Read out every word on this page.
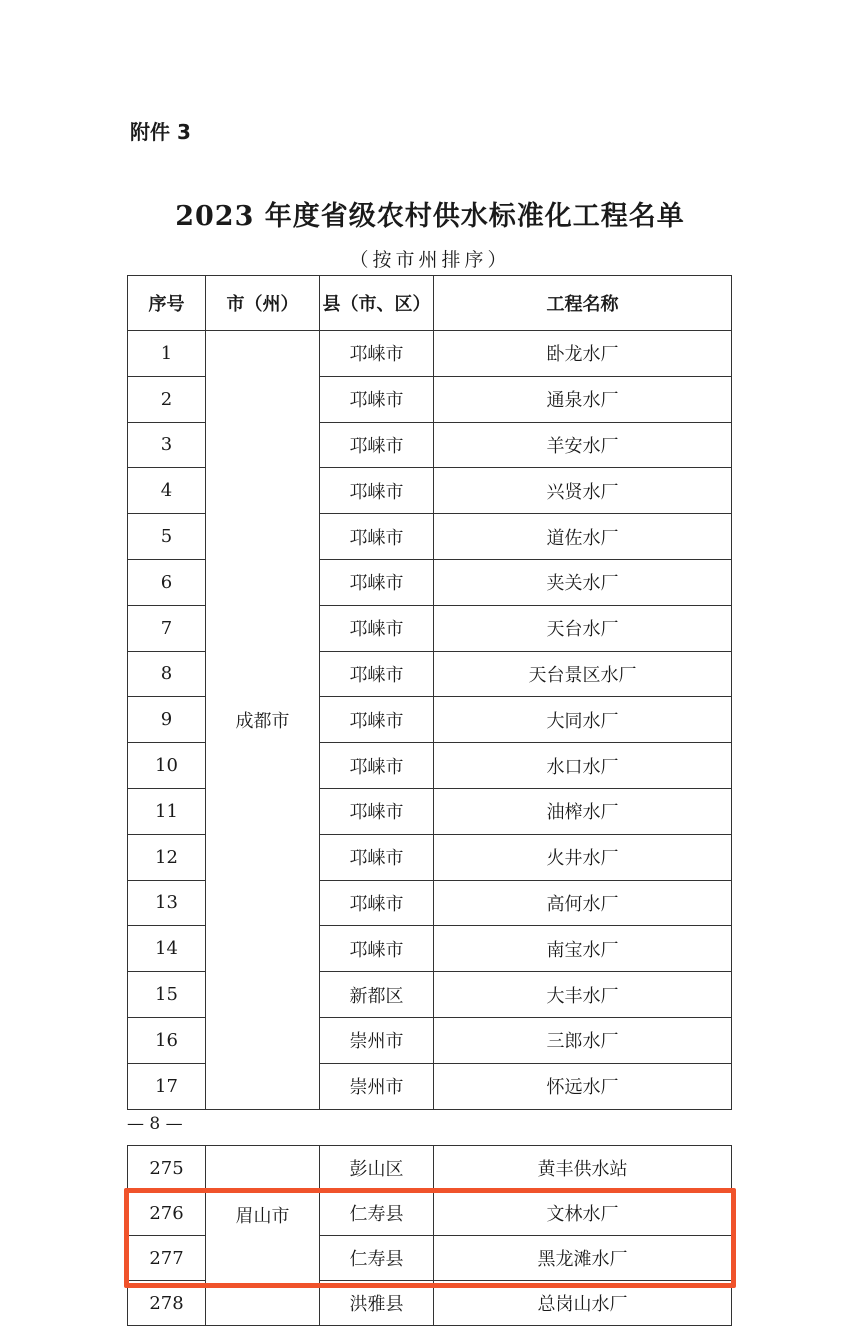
附件 3
2023 年度省级农村供水标准化工程名单
（按市州排序）
序号	市（州）	县（市、区）	工程名称
1	成都市	邛崃市	卧龙水厂
2		邛崃市	通泉水厂
3		邛崃市	羊安水厂
4		邛崃市	兴贤水厂
5		邛崃市	道佐水厂
6		邛崃市	夹关水厂
7		邛崃市	天台水厂
8		邛崃市	天台景区水厂
9		邛崃市	大同水厂
10		邛崃市	水口水厂
11		邛崃市	油榨水厂
12		邛崃市	火井水厂
13		邛崃市	高何水厂
14		邛崃市	南宝水厂
15		新都区	大丰水厂
16		崇州市	三郎水厂
17		崇州市	怀远水厂
— 8 —
275	眉山市	彭山区	黄丰供水站
276		仁寿县	文林水厂
277		仁寿县	黑龙滩水厂
278		洪雅县	总岗山水厂
